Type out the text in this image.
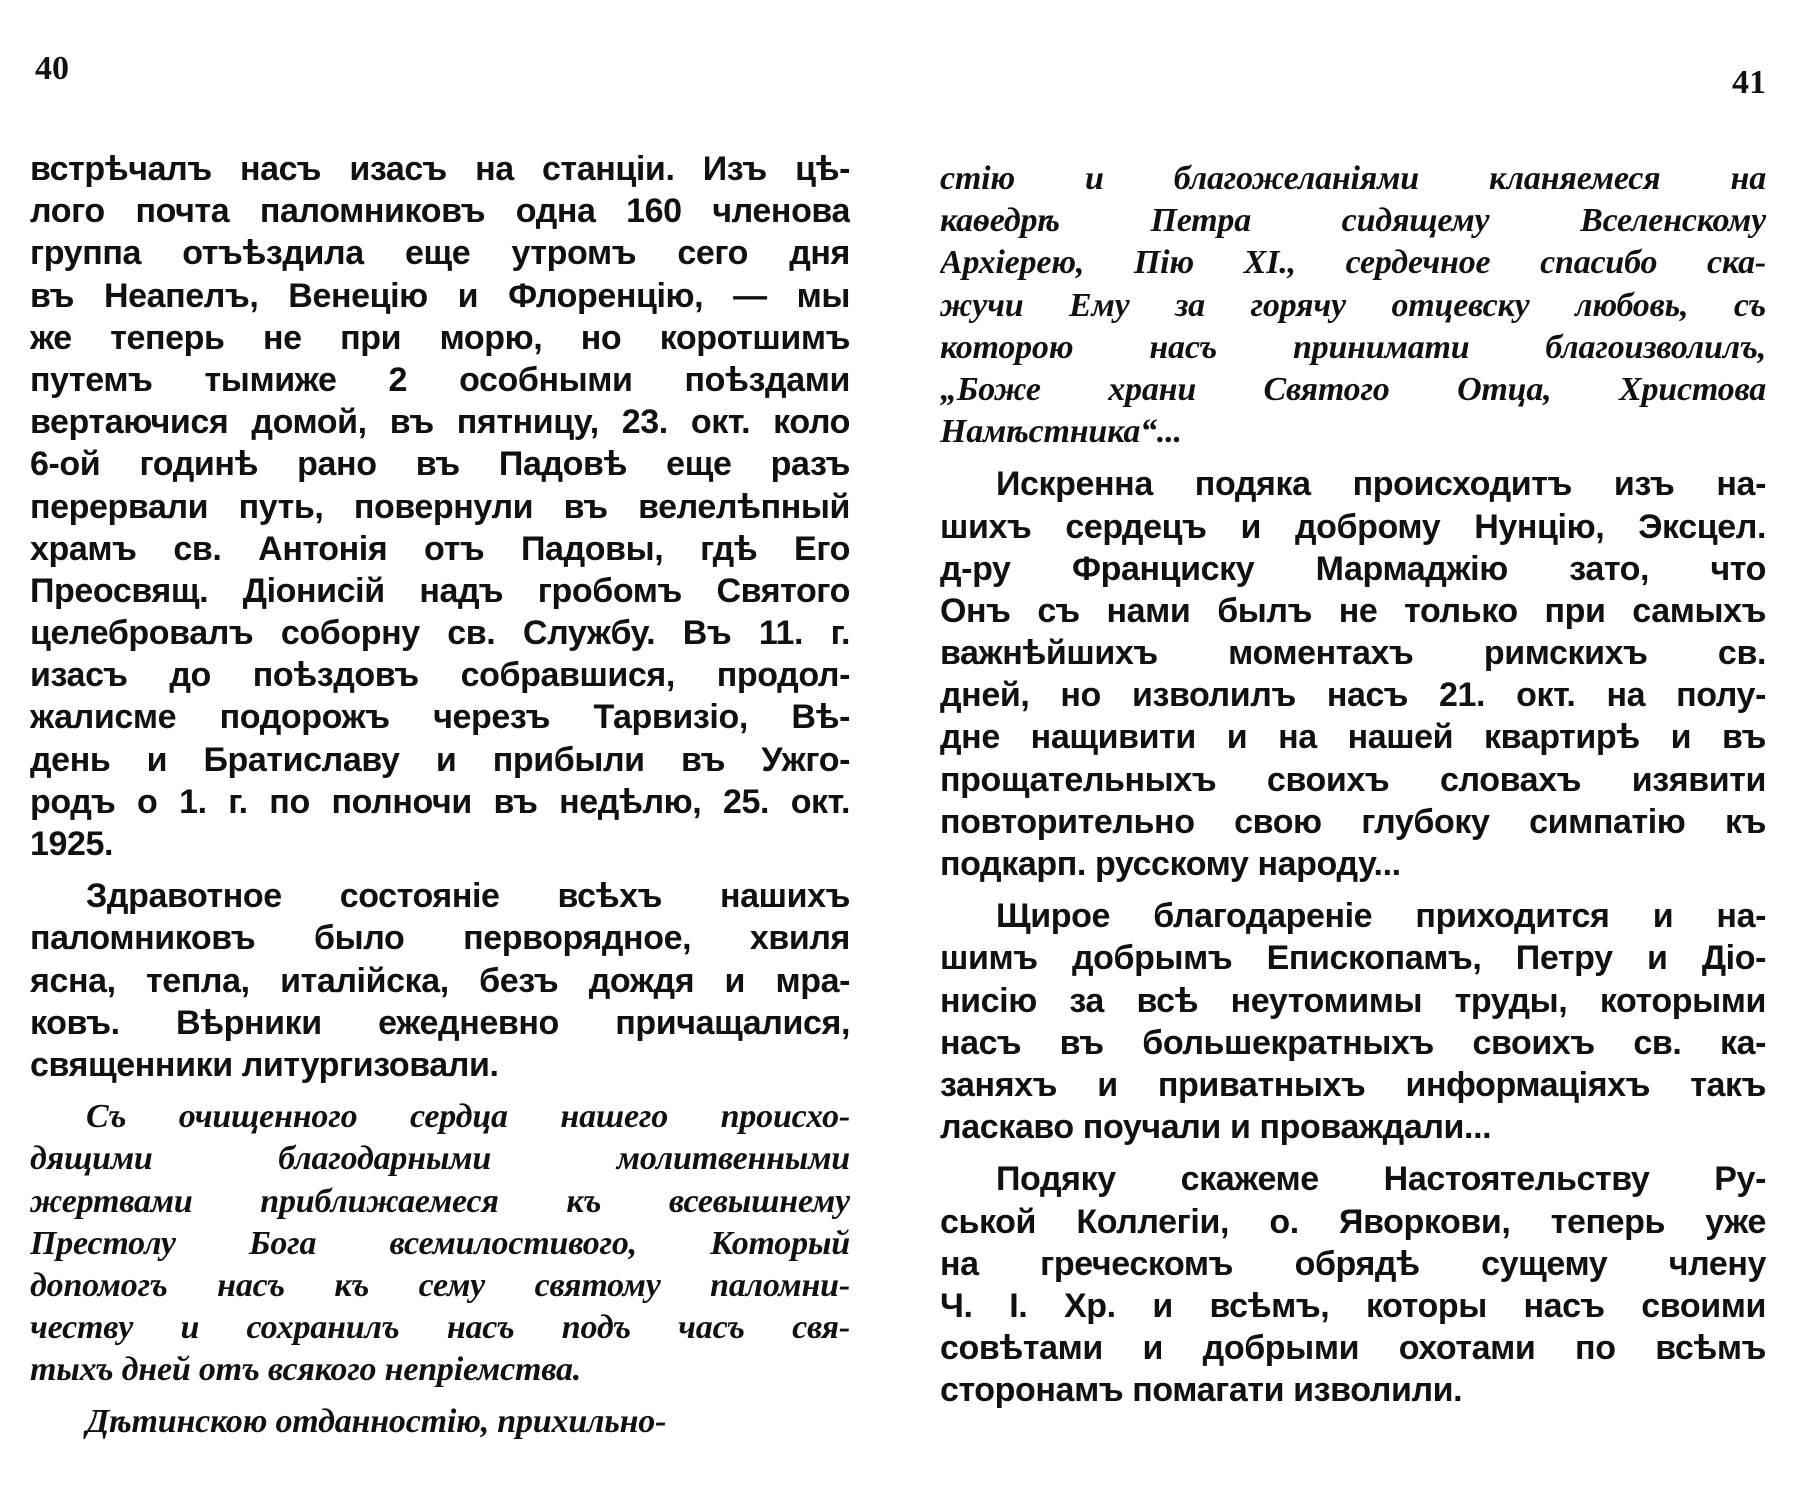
40
встрѣчалъ насъ изасъ на станціи. Изъ цѣ-
лого почта паломниковъ одна 160 членова
группа отъѣздила еще утромъ сего дня
въ Неапелъ, Венецію и Флоренцію, — мы
же теперь не при морю, но коротшимъ
путемъ тымиже 2 особными поѣздами
вертаючися домой, въ пятницу, 23. окт. коло
6-ой годинѣ рано въ Падовѣ еще разъ
перервали путь, повернули въ велелѣпный
храмъ св. Антонія отъ Падовы, гдѣ Его
Преосвящ. Діонисій надъ гробомъ Святого
целебровалъ соборну св. Службу. Въ 11. г.
изасъ до поѣздовъ собравшися, продол-
жалисме подорожъ черезъ Тарвизіо, Вѣ-
день и Братиславу и прибыли въ Ужго-
родъ о 1. г. по полночи въ недѣлю, 25. окт.
1925.
Здравотное состояніе всѣхъ нашихъ
паломниковъ было перворядное, хвиля
ясна, тепла, италійска, безъ дождя и мра-
ковъ. Вѣрники ежедневно причащалися,
священники литургизовали.
Съ очищенного сердца нашего происхо-
дящими благодарными молитвенными
жертвами приближаемеся къ всевышнему
Престолу Бога всемилостивого, Который
допомогъ насъ къ сему святому паломни-
честву и сохранилъ насъ подъ часъ свя-
тыхъ дней отъ всякого непріемства.
Дѣтинскою отданностію, прихильно-
41
стію и благожеланіями кланяемеся на
каѳедрѣ Петра сидящему Вселенскому
Архіерею, Пію XI., сердечное спасибо ска-
жучи Ему за горячу отцевску любовь, съ
которою насъ принимати благоизволилъ,
„Боже храни Святого Отца, Христова
Намѣстника“...
Искренна подяка происходитъ изъ на-
шихъ сердецъ и доброму Нунцію, Эксцел.
д-ру Франциску Мармаджію зато, что
Онъ съ нами былъ не только при самыхъ
важнѣйшихъ моментахъ римскихъ св.
дней, но изволилъ насъ 21. окт. на полу-
дне нащивити и на нашей квартирѣ и въ
прощательныхъ своихъ словахъ изявити
повторительно свою глубоку симпатію къ
подкарп. русскому народу...
Щирое благодареніе приходится и на-
шимъ добрымъ Епископамъ, Петру и Діо-
нисію за всѣ неутомимы труды, которыми
насъ въ большекратныхъ своихъ св. ка-
заняхъ и приватныхъ информаціяхъ такъ
ласкаво поучали и проваждали...
Подяку скажеме Настоятельству Ру-
ськой Коллегіи, о. Яворкови, теперь уже
на греческомъ обрядѣ сущему члену
Ч. І. Хр. и всѣмъ, которы насъ своими
совѣтами и добрыми охотами по всѣмъ
сторонамъ помагати изволили.
